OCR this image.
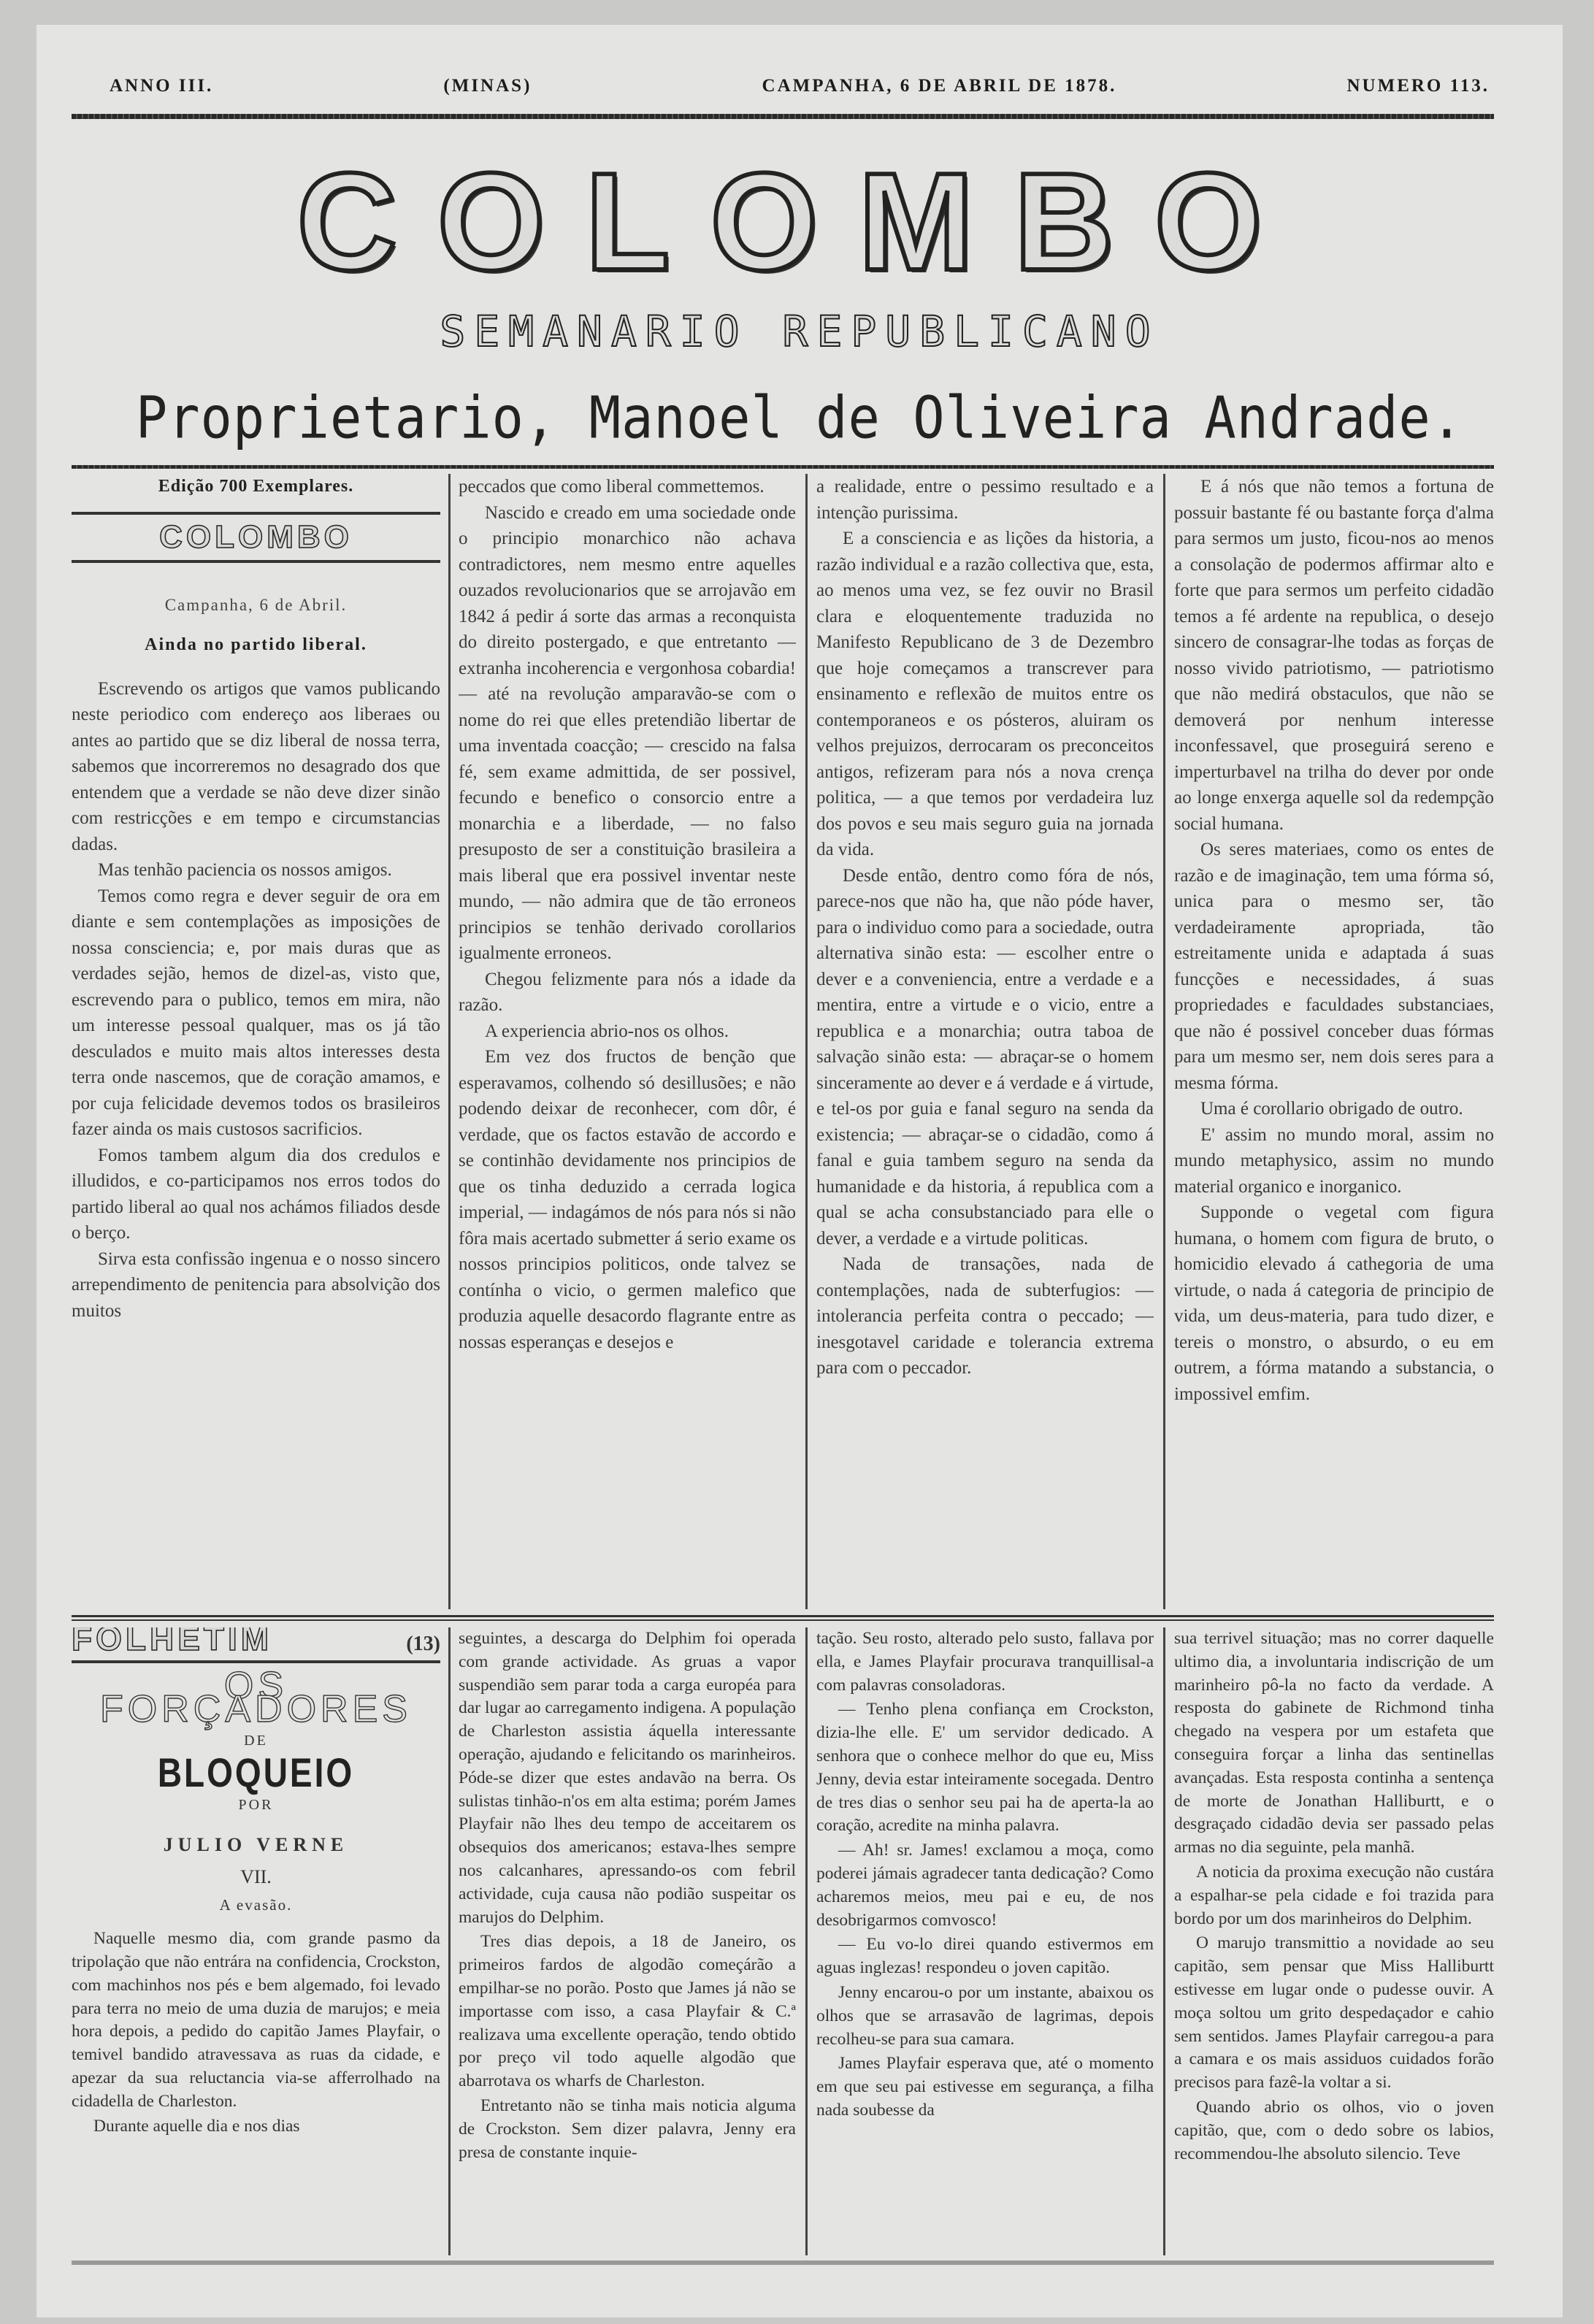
ANNO III.	(MINAS)	CAMPANHA, 6 DE ABRIL DE 1878.	NUMERO 113.
COLOMBO
SEMANARIO REPUBLICANO
Proprietario, Manoel de Oliveira Andrade.
Edição 700 Exemplares.
COLOMBO
Campanha, 6 de Abril.
Ainda no partido liberal.

Escrevendo os artigos que vamos publicando neste periodico com endereço aos liberaes ou antes ao partido que se diz liberal de nossa terra, sabemos que incorreremos no desagrado dos que entendem que a verdade se não deve dizer sinão com restricções e em tempo e circumstancias dadas.

Mas tenhão paciencia os nossos amigos.

Temos como regra e dever seguir de ora em diante e sem contemplações as imposições de nossa consciencia; e, por mais duras que as verdades sejão, hemos de dizel-as, visto que, escrevendo para o publico, temos em mira, não um interesse pessoal qualquer, mas os já tão desculados e muito mais altos interesses desta terra onde nascemos, que de coração amamos, e por cuja felicidade devemos todos os brasileiros fazer ainda os mais custosos sacrificios.

Fomos tambem algum dia dos credulos e illudidos, e co-participamos nos erros todos do partido liberal ao qual nos achámos filiados desde o berço.

Sirva esta confissão ingenua e o nosso sincero arrependimento de penitencia para absolvição dos muitos

peccados que como liberal commettemos.

Nascido e creado em uma sociedade onde o principio monarchico não achava contradictores, nem mesmo entre aquelles ouzados revolucionarios que se arrojavão em 1842 á pedir á sorte das armas a reconquista do direito postergado, e que entretanto — extranha incoherencia e vergonhosa cobardia! — até na revolução amparavão-se com o nome do rei que elles pretendião libertar de uma inventada coacção; — crescido na falsa fé, sem exame admittida, de ser possivel, fecundo e benefico o consorcio entre a monarchia e a liberdade, — no falso presuposto de ser a constituição brasileira a mais liberal que era possivel inventar neste mundo, — não admira que de tão erroneos principios se tenhão derivado corollarios igualmente erroneos.

Chegou felizmente para nós a idade da razão.

A experiencia abrio-nos os olhos.

Em vez dos fructos de benção que esperavamos, colhendo só desillusões; e não podendo deixar de reconhecer, com dôr, é verdade, que os factos estavão de accordo e se continhão devidamente nos principios de que os tinha deduzido a cerrada logica imperial, — indagámos de nós para nós si não fôra mais acertado submetter á serio exame os nossos principios politicos, onde talvez se contínha o vicio, o germen malefico que produzia aquelle desacordo flagrante entre as nossas esperanças e desejos e

a realidade, entre o pessimo resultado e a intenção purissima.

E a consciencia e as lições da historia, a razão individual e a razão collectiva que, esta, ao menos uma vez, se fez ouvir no Brasil clara e eloquentemente traduzida no Manifesto Republicano de 3 de Dezembro que hoje começamos a transcrever para ensinamento e reflexão de muitos entre os contemporaneos e os pósteros, aluiram os velhos prejuizos, derrocaram os preconceitos antigos, refizeram para nós a nova crença politica, — a que temos por verdadeira luz dos povos e seu mais seguro guia na jornada da vida.

Desde então, dentro como fóra de nós, parece-nos que não ha, que não póde haver, para o individuo como para a sociedade, outra alternativa sinão esta: — escolher entre o dever e a conveniencia, entre a verdade e a mentira, entre a virtude e o vicio, entre a republica e a monarchia; outra taboa de salvação sinão esta: — abraçar-se o homem sinceramente ao dever e á verdade e á virtude, e tel-os por guia e fanal seguro na senda da existencia; — abraçar-se o cidadão, como á fanal e guia tambem seguro na senda da humanidade e da historia, á republica com a qual se acha consubstanciado para elle o dever, a verdade e a virtude politicas.

Nada de transações, nada de contemplações, nada de subterfugios: — intolerancia perfeita contra o peccado; — inesgotavel caridade e tolerancia extrema para com o peccador.

E á nós que não temos a fortuna de possuir bastante fé ou bastante força d'alma para sermos um justo, ficou-nos ao menos a consolação de podermos affirmar alto e forte que para sermos um perfeito cidadão temos a fé ardente na republica, o desejo sincero de consagrar-lhe todas as forças de nosso vivido patriotismo, — patriotismo que não medirá obstaculos, que não se demoverá por nenhum interesse inconfessavel, que proseguirá sereno e imperturbavel na trilha do dever por onde ao longe enxerga aquelle sol da redempção social humana.

Os seres materiaes, como os entes de razão e de imaginação, tem uma fórma só, unica para o mesmo ser, tão verdadeiramente apropriada, tão estreitamente unida e adaptada á suas funcções e necessidades, á suas propriedades e faculdades substanciaes, que não é possivel conceber duas fórmas para um mesmo ser, nem dois seres para a mesma fórma.

Uma é corollario obrigado de outro.

E' assim no mundo moral, assim no mundo metaphysico, assim no mundo material organico e inorganico.

Supponde o vegetal com figura humana, o homem com figura de bruto, o homicidio elevado á cathegoria de uma virtude, o nada á categoria de principio de vida, um deus-materia, para tudo dizer, e tereis o monstro, o absurdo, o eu em outrem, a fórma matando a substancia, o impossivel emfim.

FOLHETIM	(13)
OS FORÇADORES
DE
BLOQUEIO
POR
JULIO VERNE
VII.
A evasão.

Naquelle mesmo dia, com grande pasmo da tripolação que não entrára na confidencia, Crockston, com machinhos nos pés e bem algemado, foi levado para terra no meio de uma duzia de marujos; e meia hora depois, a pedido do capitão James Playfair, o temivel bandido atravessava as ruas da cidade, e apezar da sua reluctancia via-se afferrolhado na cidadella de Charleston.

Durante aquelle dia e nos dias

seguintes, a descarga do Delphim foi operada com grande actividade. As gruas a vapor suspendião sem parar toda a carga européa para dar lugar ao carregamento indigena. A população de Charleston assistia áquella interessante operação, ajudando e felicitando os marinheiros. Póde-se dizer que estes andavão na berra. Os sulistas tinhão-n'os em alta estima; porém James Playfair não lhes deu tempo de acceitarem os obsequios dos americanos; estava-lhes sempre nos calcanhares, apressando-os com febril actividade, cuja causa não podião suspeitar os marujos do Delphim.

Tres dias depois, a 18 de Janeiro, os primeiros fardos de algodão começárão a empilhar-se no porão. Posto que James já não se importasse com isso, a casa Playfair & C.ª realizava uma excellente operação, tendo obtido por preço vil todo aquelle algodão que abarrotava os wharfs de Charleston.

Entretanto não se tinha mais noticia alguma de Crockston. Sem dizer palavra, Jenny era presa de constante inquie-

tação. Seu rosto, alterado pelo susto, fallava por ella, e James Playfair procurava tranquillisal-a com palavras consoladoras.

— Tenho plena confiança em Crockston, dizia-lhe elle. E' um servidor dedicado. A senhora que o conhece melhor do que eu, Miss Jenny, devia estar inteiramente socegada. Dentro de tres dias o senhor seu pai ha de aperta-la ao coração, acredite na minha palavra.

— Ah! sr. James! exclamou a moça, como poderei jámais agradecer tanta dedicação? Como acharemos meios, meu pai e eu, de nos desobrigarmos comvosco!

— Eu vo-lo direi quando estivermos em aguas inglezas! respondeu o joven capitão.

Jenny encarou-o por um instante, abaixou os olhos que se arrasavão de lagrimas, depois recolheu-se para sua camara.

James Playfair esperava que, até o momento em que seu pai estivesse em segurança, a filha nada soubesse da

sua terrivel situação; mas no correr daquelle ultimo dia, a involuntaria indiscrição de um marinheiro pô-la no facto da verdade. A resposta do gabinete de Richmond tinha chegado na vespera por um estafeta que conseguira forçar a linha das sentinellas avançadas. Esta resposta continha a sentença de morte de Jonathan Halliburtt, e o desgraçado cidadão devia ser passado pelas armas no dia seguinte, pela manhã.

A noticia da proxima execução não custára a espalhar-se pela cidade e foi trazida para bordo por um dos marinheiros do Delphim.

O marujo transmittio a novidade ao seu capitão, sem pensar que Miss Halliburtt estivesse em lugar onde o pudesse ouvir. A moça soltou um grito despedaçador e cahio sem sentidos. James Playfair carregou-a para a camara e os mais assiduos cuidados forão precisos para fazê-la voltar a si.

Quando abrio os olhos, vio o joven capitão, que, com o dedo sobre os labios, recommendou-lhe absoluto silencio. Teve
